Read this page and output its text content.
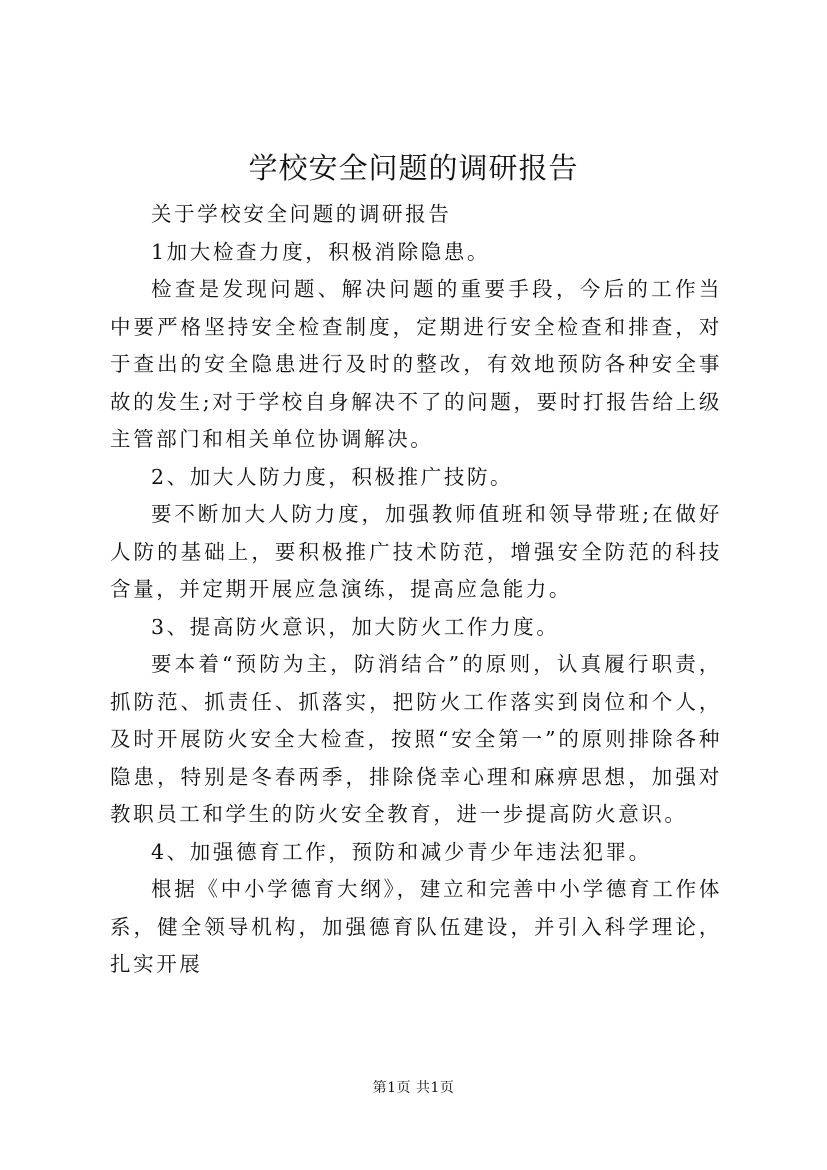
学校安全问题的调研报告

关于学校安全问题的调研报告

1加大检查力度，积极消除隐患。

检查是发现问题、解决问题的重要手段，今后的工作当中要严格坚持安全检查制度，定期进行安全检查和排查，对于查出的安全隐患进行及时的整改，有效地预防各种安全事故的发生;对于学校自身解决不了的问题，要时打报告给上级主管部门和相关单位协调解决。

2、加大人防力度，积极推广技防。

要不断加大人防力度，加强教师值班和领导带班;在做好人防的基础上，要积极推广技术防范，增强安全防范的科技含量，并定期开展应急演练，提高应急能力。

3、提高防火意识，加大防火工作力度。

要本着“预防为主，防消结合”的原则，认真履行职责，抓防范、抓责任、抓落实，把防火工作落实到岗位和个人，及时开展防火安全大检查，按照“安全第一”的原则排除各种隐患，特别是冬春两季，排除侥幸心理和麻痹思想，加强对教职员工和学生的防火安全教育，进一步提高防火意识。

4、加强德育工作，预防和减少青少年违法犯罪。

根据《中小学德育大纲》，建立和完善中小学德育工作体系，健全领导机构，加强德育队伍建设，并引入科学理论，扎实开展

第1页 共1页
